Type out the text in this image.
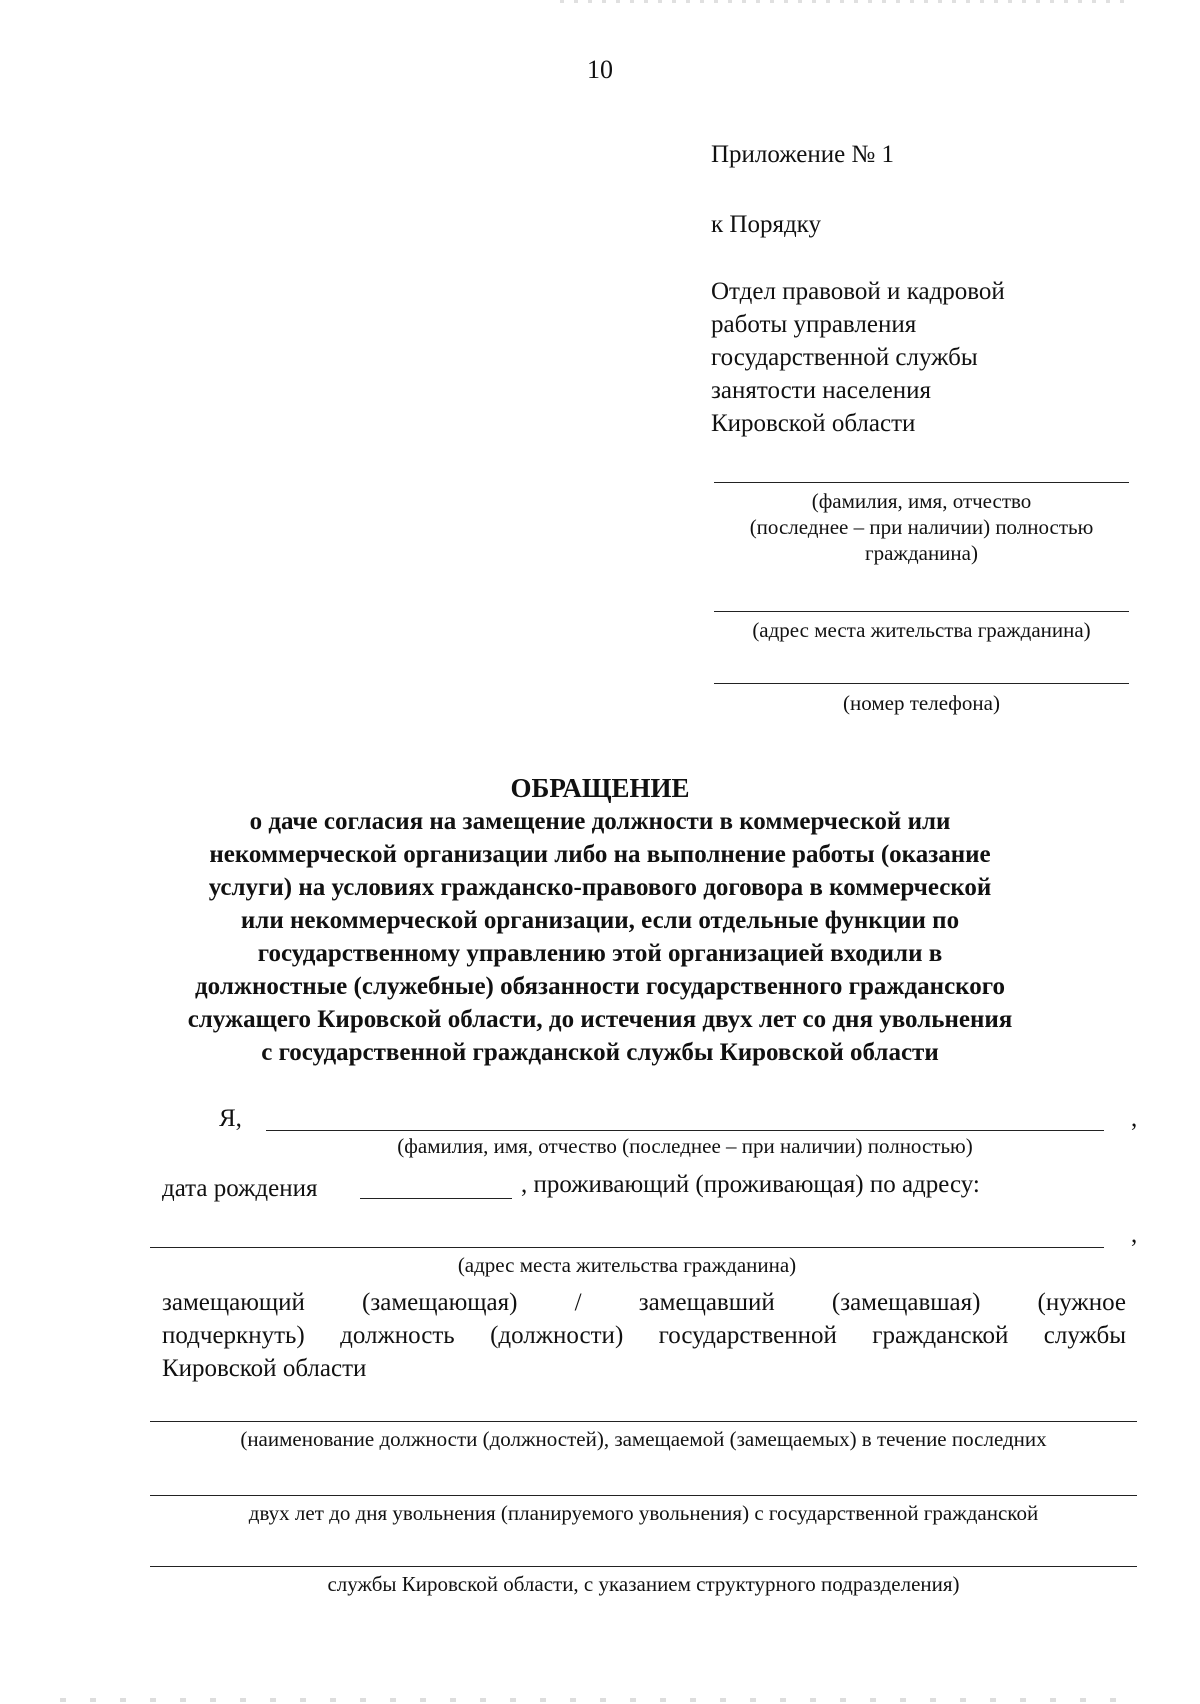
10
Приложение № 1
к Порядку
Отдел правовой и кадровой
работы управления
государственной службы
занятости населения
Кировской области
(фамилия, имя, отчество
(последнее – при наличии) полностью
гражданина)
(адрес места жительства гражданина)
(номер телефона)
ОБРАЩЕНИЕ
о даче согласия на замещение должности в коммерческой или
некоммерческой организации либо на выполнение работы (оказание
услуги) на условиях гражданско-правового договора в коммерческой
или некоммерческой организации, если отдельные функции по
государственному управлению этой организацией входили в
должностные (служебные) обязанности государственного гражданского
служащего Кировской области, до истечения двух лет со дня увольнения
с государственной гражданской службы Кировской области
Я,	,
(фамилия, имя, отчество (последнее – при наличии) полностью)
дата рождения	, проживающий (проживающая) по адресу:
,
(адрес места жительства гражданина)
замещающий (замещающая) / замещавший (замещавшая) (нужное
подчеркнуть) должность (должности) государственной гражданской службы
Кировской области
(наименование должности (должностей), замещаемой (замещаемых) в течение последних
двух лет до дня увольнения (планируемого увольнения) с государственной гражданской
службы Кировской области, с указанием структурного подразделения)
